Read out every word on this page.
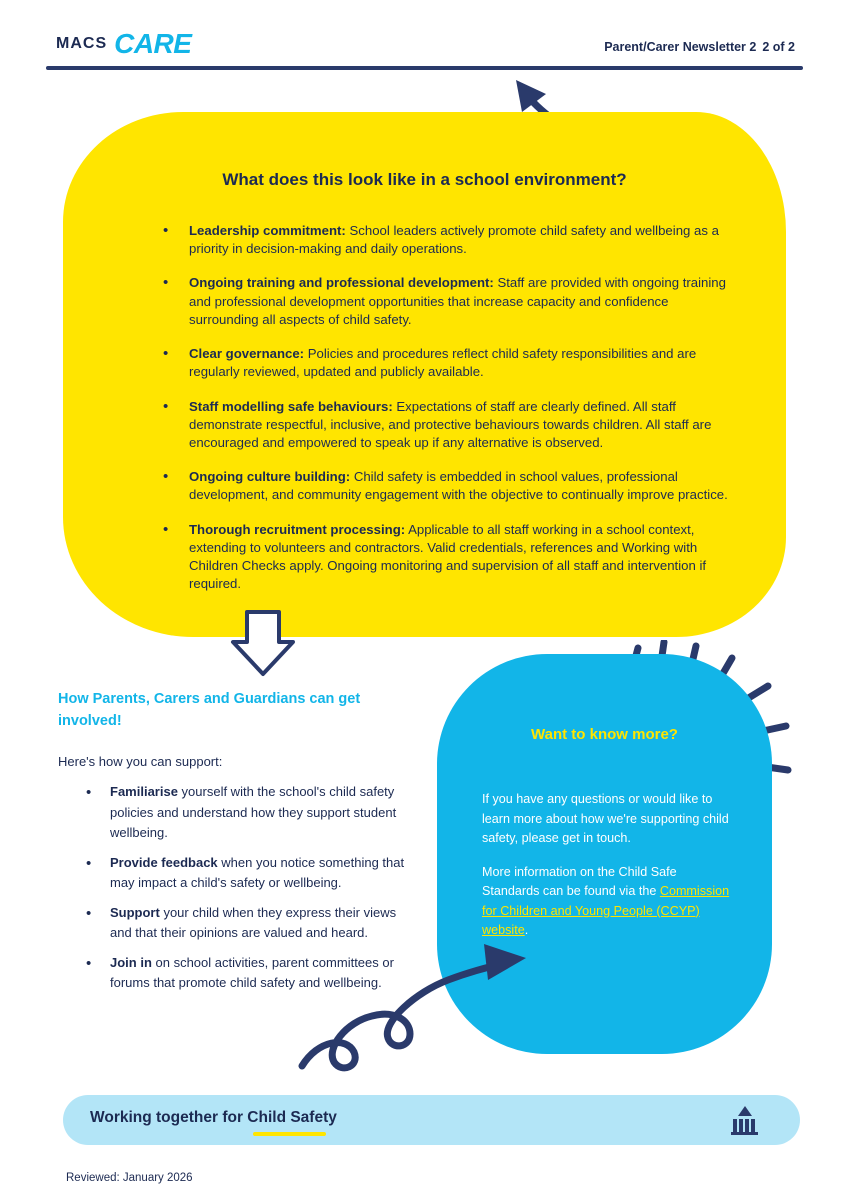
MACS CARE	Parent/Carer Newsletter 2 2 of 2
What does this look like in a school environment?
• Leadership commitment: School leaders actively promote child safety and wellbeing as a priority in decision-making and daily operations.
• Ongoing training and professional development: Staff are provided with ongoing training and professional development opportunities that increase capacity and confidence surrounding all aspects of child safety.
• Clear governance: Policies and procedures reflect child safety responsibilities and are regularly reviewed, updated and publicly available.
• Staff modelling safe behaviours: Expectations of staff are clearly defined. All staff demonstrate respectful, inclusive, and protective behaviours towards children. All staff are encouraged and empowered to speak up if any alternative is observed.
• Ongoing culture building: Child safety is embedded in school values, professional development, and community engagement with the objective to continually improve practice.
• Thorough recruitment processing: Applicable to all staff working in a school context, extending to volunteers and contractors. Valid credentials, references and Working with Children Checks apply. Ongoing monitoring and supervision of all staff and intervention if required.
How Parents, Carers and Guardians can get involved!
Here's how you can support:
• Familiarise yourself with the school's child safety policies and understand how they support student wellbeing.
• Provide feedback when you notice something that may impact a child's safety or wellbeing.
• Support your child when they express their views and that their opinions are valued and heard.
• Join in on school activities, parent committees or forums that promote child safety and wellbeing.
Want to know more?

If you have any questions or would like to learn more about how we're supporting child safety, please get in touch.

More information on the Child Safe Standards can be found via the Commission for Children and Young People (CCYP) website.

Working together for Child Safety
Reviewed: January 2026
